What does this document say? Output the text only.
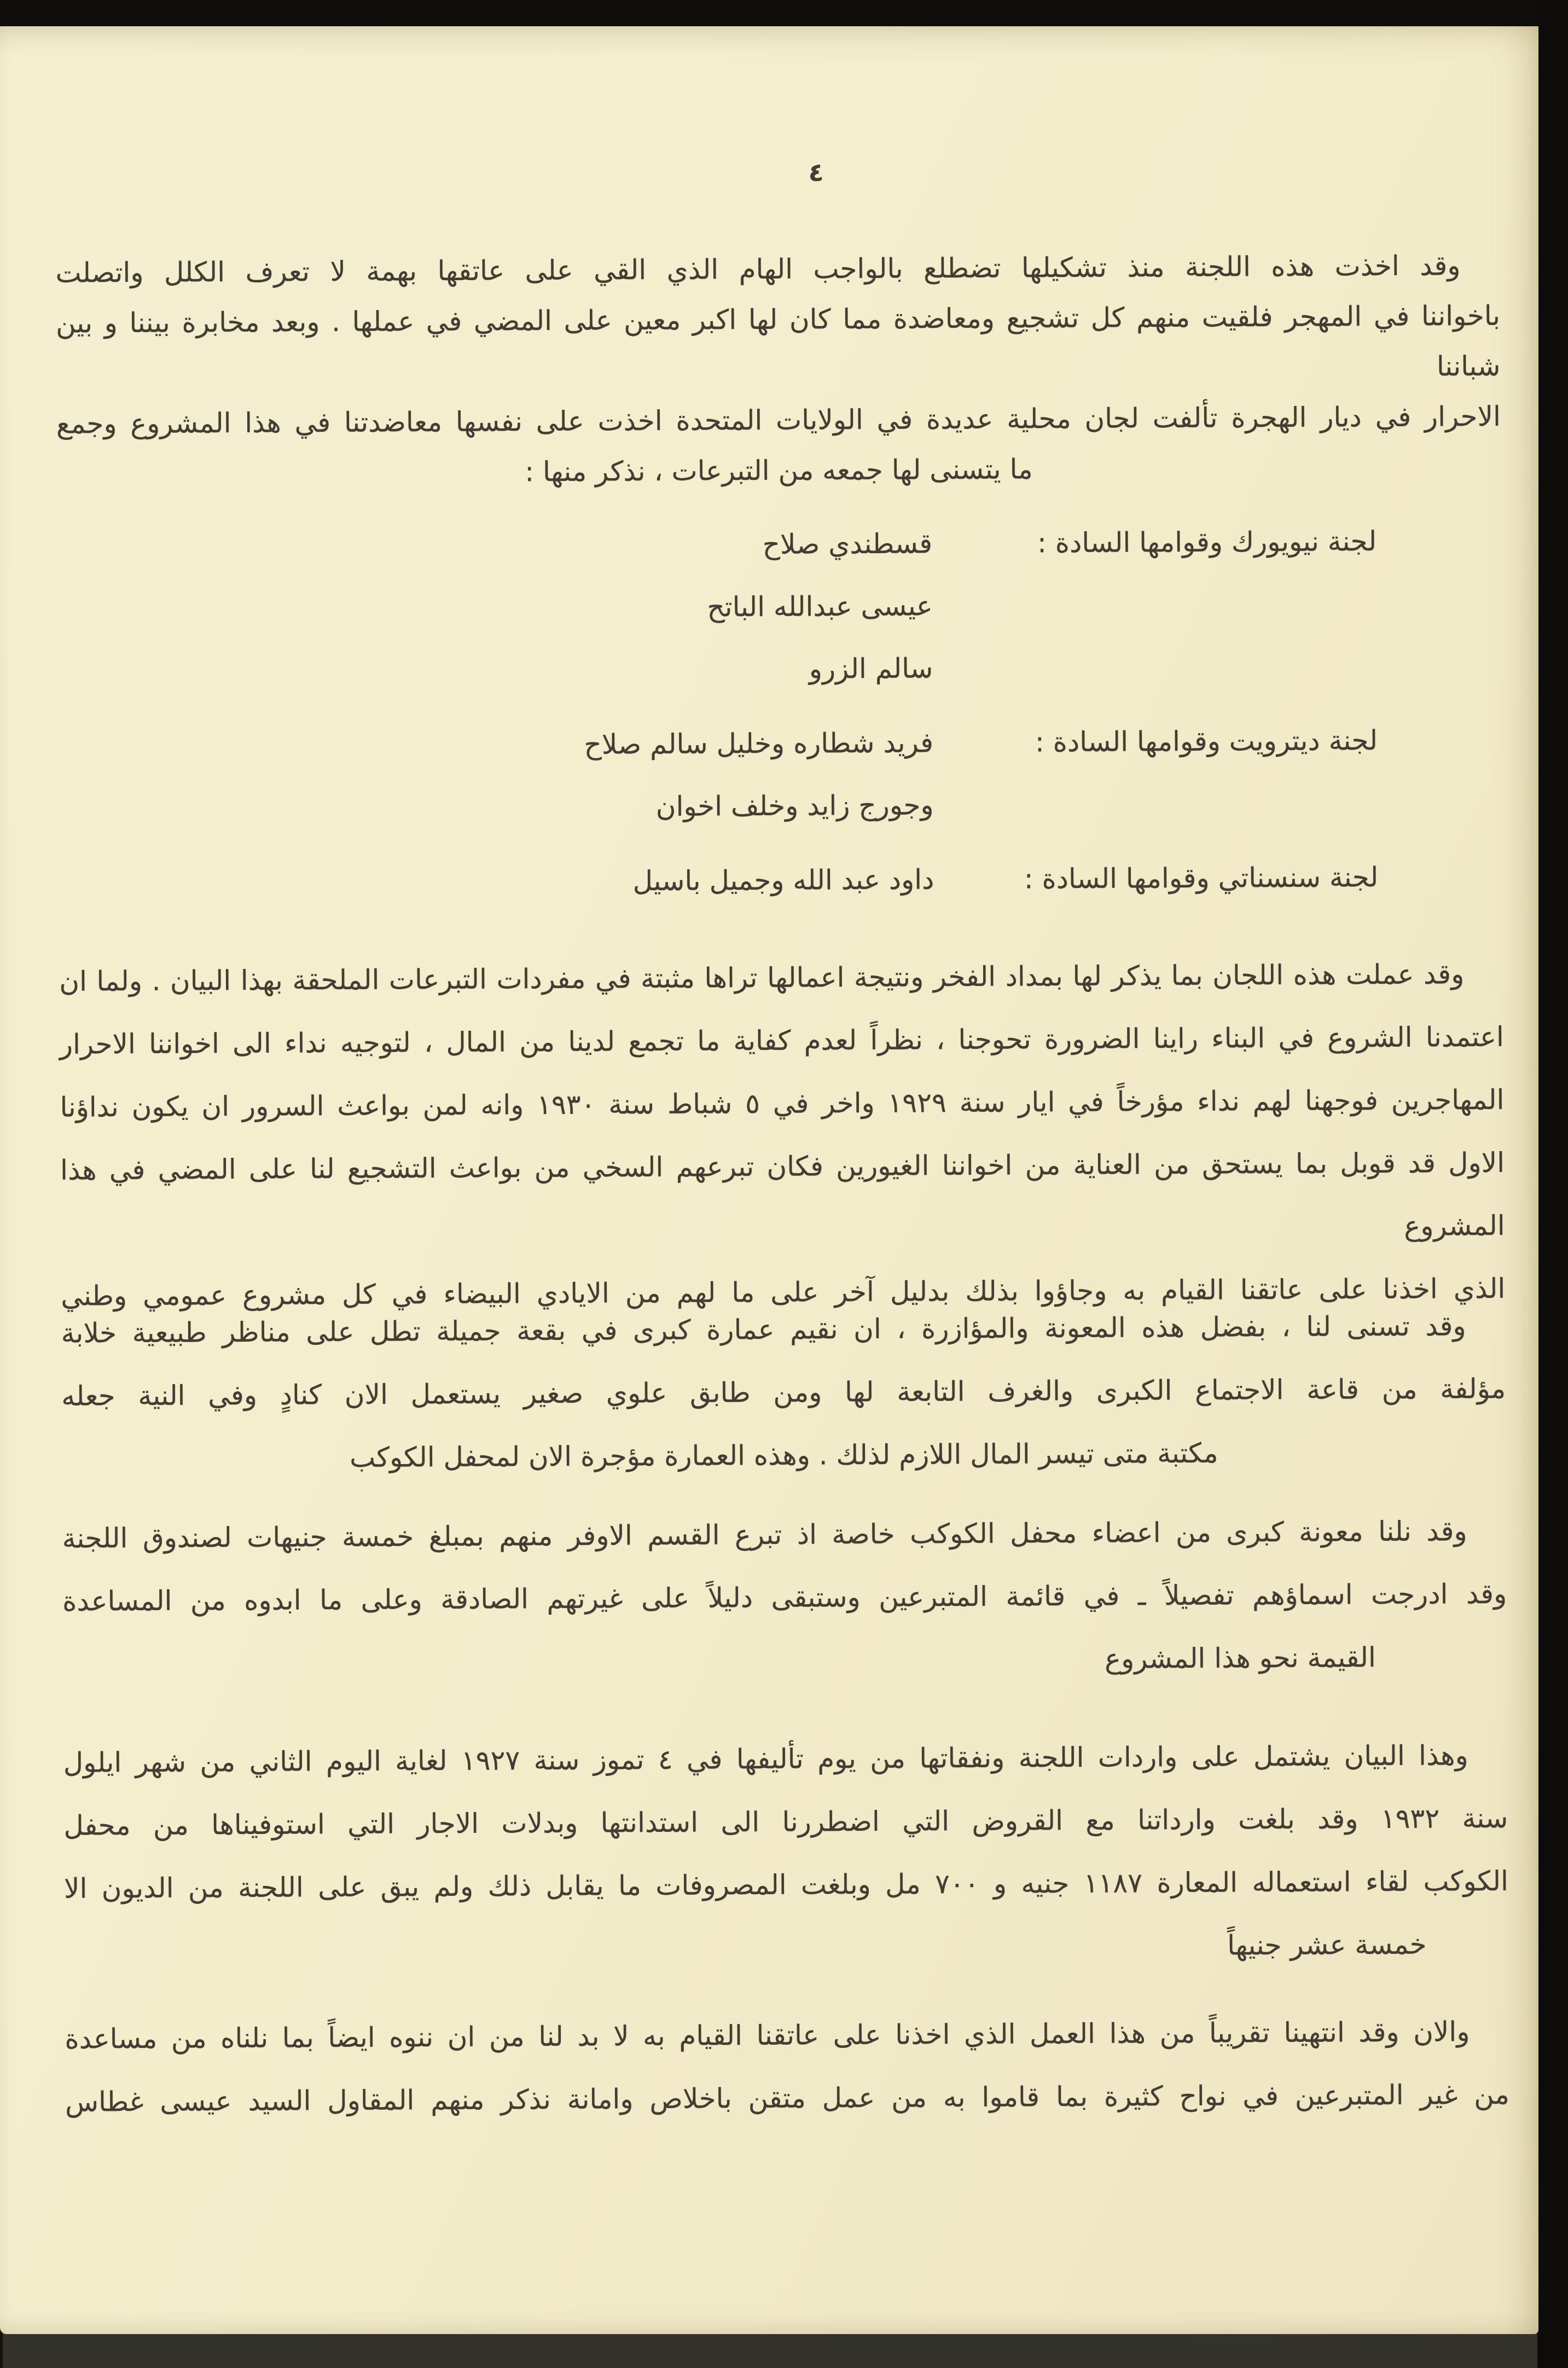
٤
وقد اخذت هذه اللجنة منذ تشكيلها تضطلع بالواجب الهام الذي القي على عاتقها بهمة لا تعرف الكلل واتصلت
باخواننا في المهجر فلقيت منهم كل تشجيع ومعاضدة مما كان لها اكبر معين على المضي في عملها . وبعد مخابرة بيننا و بين شباننا
الاحرار في ديار الهجرة تألفت لجان محلية عديدة في الولايات المتحدة اخذت على نفسها معاضدتنا في هذا المشروع وجمع
ما يتسنى لها جمعه من التبرعات ، نذكر منها :
لجنة نيويورك وقوامها السادة :
قسطندي صلاح
عيسى عبدالله الباتح
سالم الزرو
لجنة ديترويت وقوامها السادة :
فريد شطاره وخليل سالم صلاح
وجورج زايد وخلف اخوان
لجنة سنسناتي وقوامها السادة :
داود عبد الله وجميل باسيل
وقد عملت هذه اللجان بما يذكر لها بمداد الفخر ونتيجة اعمالها تراها مثبتة في مفردات التبرعات الملحقة بهذا البيان . ولما ان
اعتمدنا الشروع في البناء راينا الضرورة تحوجنا ، نظراً لعدم كفاية ما تجمع لدينا من المال ، لتوجيه نداء الى اخواننا الاحرار
المهاجرين فوجهنا لهم نداء مؤرخاً في ايار سنة ١٩٢٩ واخر في ٥ شباط سنة ١٩٣٠ وانه لمن بواعث السرور ان يكون نداؤنا
الاول قد قوبل بما يستحق من العناية من اخواننا الغيورين فكان تبرعهم السخي من بواعث التشجيع لنا على المضي في هذا المشروع
الذي اخذنا على عاتقنا القيام به وجاؤوا بذلك بدليل آخر على ما لهم من الايادي البيضاء في كل مشروع عمومي وطني
وقد تسنى لنا ، بفضل هذه المعونة والمؤازرة ، ان نقيم عمارة كبرى في بقعة جميلة تطل على مناظر طبيعية خلابة
مؤلفة من قاعة الاجتماع الكبرى والغرف التابعة لها ومن طابق علوي صغير يستعمل الان كنادٍ وفي النية جعله
مكتبة متى تيسر المال اللازم لذلك . وهذه العمارة مؤجرة الان لمحفل الكوكب
وقد نلنا معونة كبرى من اعضاء محفل الكوكب خاصة اذ تبرع القسم الاوفر منهم بمبلغ خمسة جنيهات لصندوق اللجنة
وقد ادرجت اسماؤهم تفصيلاً ـ في قائمة المتبرعين وستبقى دليلاً على غيرتهم الصادقة وعلى ما ابدوه من المساعدة
القيمة نحو هذا المشروع
وهذا البيان يشتمل على واردات اللجنة ونفقاتها من يوم تأليفها في ٤ تموز سنة ١٩٢٧ لغاية اليوم الثاني من شهر ايلول
سنة ١٩٣٢ وقد بلغت وارداتنا مع القروض التي اضطررنا الى استدانتها وبدلات الاجار التي استوفيناها من محفل
الكوكب لقاء استعماله المعارة ١١٨٧ جنيه و ٧٠٠ مل وبلغت المصروفات ما يقابل ذلك ولم يبق على اللجنة من الديون الا
خمسة عشر جنيهاً
والان وقد انتهينا تقريباً من هذا العمل الذي اخذنا على عاتقنا القيام به لا بد لنا من ان ننوه ايضاً بما نلناه من مساعدة
من غير المتبرعين في نواح كثيرة بما قاموا به من عمل متقن باخلاص وامانة نذكر منهم المقاول السيد عيسى غطاس
